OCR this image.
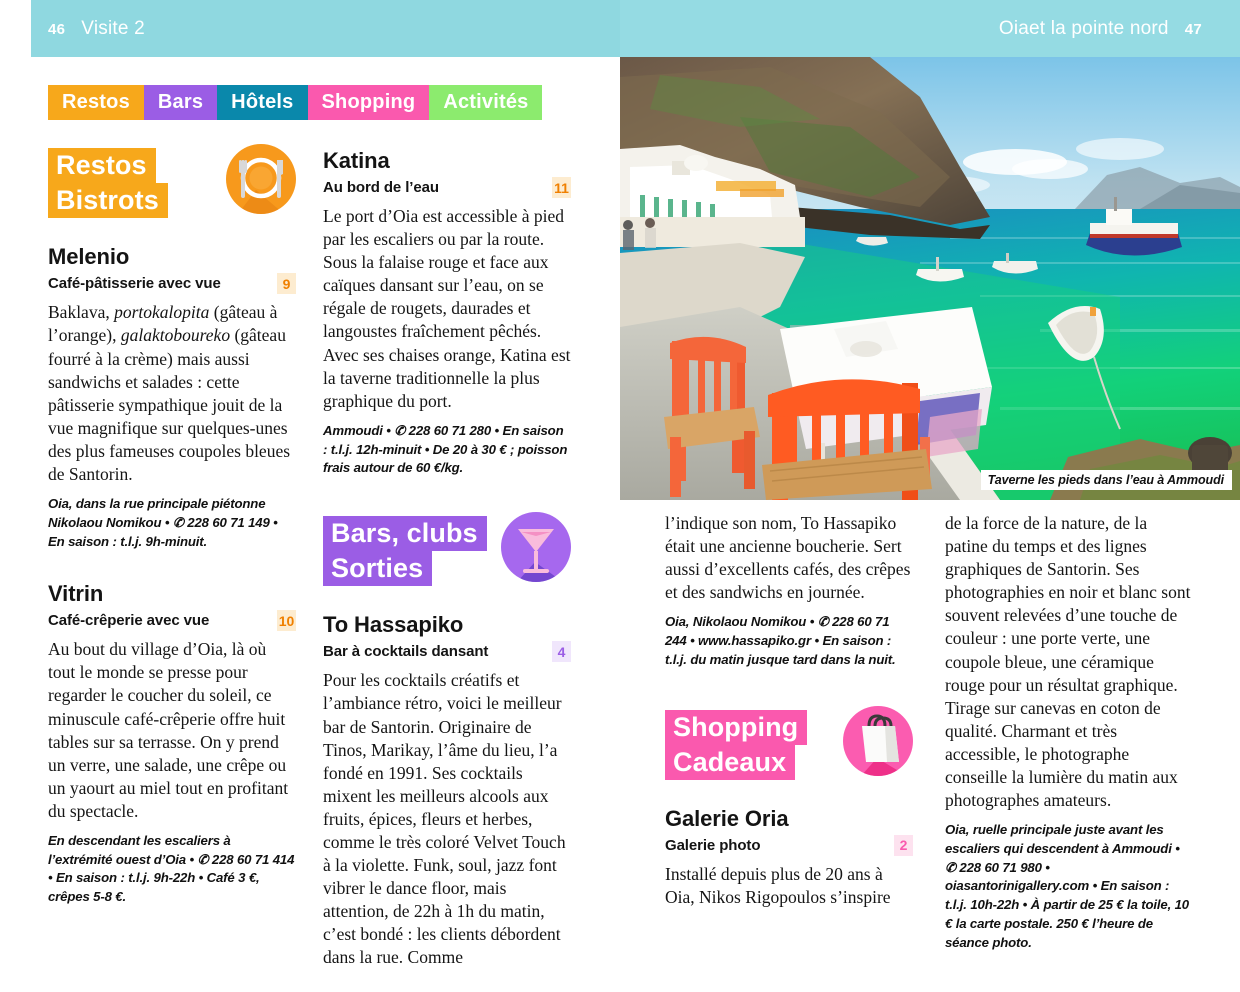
46 Visite 2	Oiaet la pointe nord 47
Restos	Bars	Hôtels	Shopping	Activités
Taverne les pieds dans l’eau à Ammoudi
Restos
Bistrots
Melenio
Café-pâtisserie avec vue	9
Baklava, portokalopita (gâteau à l’orange), galaktoboureko (gâteau fourré à la crème) mais aussi sandwichs et salades : cette pâtisserie sympathique jouit de la vue magnifique sur quelques-unes des plus fameuses coupoles bleues de Santorin.
Oia, dans la rue principale piétonne Nikolaou Nomikou • ✆ 228 60 71 149 • En saison : t.l.j. 9h-minuit.
Vitrin
Café-crêperie avec vue	10
Au bout du village d’Oia, là où tout le monde se presse pour regarder le coucher du soleil, ce minuscule café-crêperie offre huit tables sur sa terrasse. On y prend un verre, une salade, une crêpe ou un yaourt au miel tout en profitant du spectacle.
En descendant les escaliers à l’extrémité ouest d’Oia • ✆ 228 60 71 414 • En saison : t.l.j. 9h-22h • Café 3 €, crêpes 5-8 €.
Katina
Au bord de l’eau	11
Le port d’Oia est accessible à pied par les escaliers ou par la route. Sous la falaise rouge et face aux caïques dansant sur l’eau, on se régale de rougets, daurades et langoustes fraîchement pêchés. Avec ses chaises orange, Katina est la taverne traditionnelle la plus graphique du port.
Ammoudi • ✆ 228 60 71 280 • En saison : t.l.j. 12h-minuit • De 20 à 30 € ; poisson frais autour de 60 €/kg.
Bars, clubs
Sorties
To Hassapiko
Bar à cocktails dansant	4
Pour les cocktails créatifs et l’ambiance rétro, voici le meilleur bar de Santorin. Originaire de Tinos, Marikay, l’âme du lieu, l’a fondé en 1991. Ses cocktails mixent les meilleurs alcools aux fruits, épices, fleurs et herbes, comme le très coloré Velvet Touch à la violette. Funk, soul, jazz font vibrer le dance floor, mais attention, de 22h à 1h du matin, c’est bondé : les clients débordent dans la rue. Comme
l’indique son nom, To Hassapiko était une ancienne boucherie. Sert aussi d’excellents cafés, des crêpes et des sandwichs en journée.
Oia, Nikolaou Nomikou • ✆ 228 60 71 244 • www.hassapiko.gr • En saison : t.l.j. du matin jusque tard dans la nuit.
Shopping
Cadeaux
Galerie Oria
Galerie photo	2
Installé depuis plus de 20 ans à Oia, Nikos Rigopoulos s’inspire
de la force de la nature, de la patine du temps et des lignes graphiques de Santorin. Ses photographies en noir et blanc sont souvent relevées d’une touche de couleur : une porte verte, une coupole bleue, une céramique rouge pour un résultat graphique. Tirage sur canevas en coton de qualité. Charmant et très accessible, le photographe conseille la lumière du matin aux photographes amateurs.
Oia, ruelle principale juste avant les escaliers qui descendent à Ammoudi • ✆ 228 60 71 980 • oiasantorinigallery.com • En saison : t.l.j. 10h-22h • À partir de 25 € la toile, 10 € la carte postale. 250 € l’heure de séance photo.
